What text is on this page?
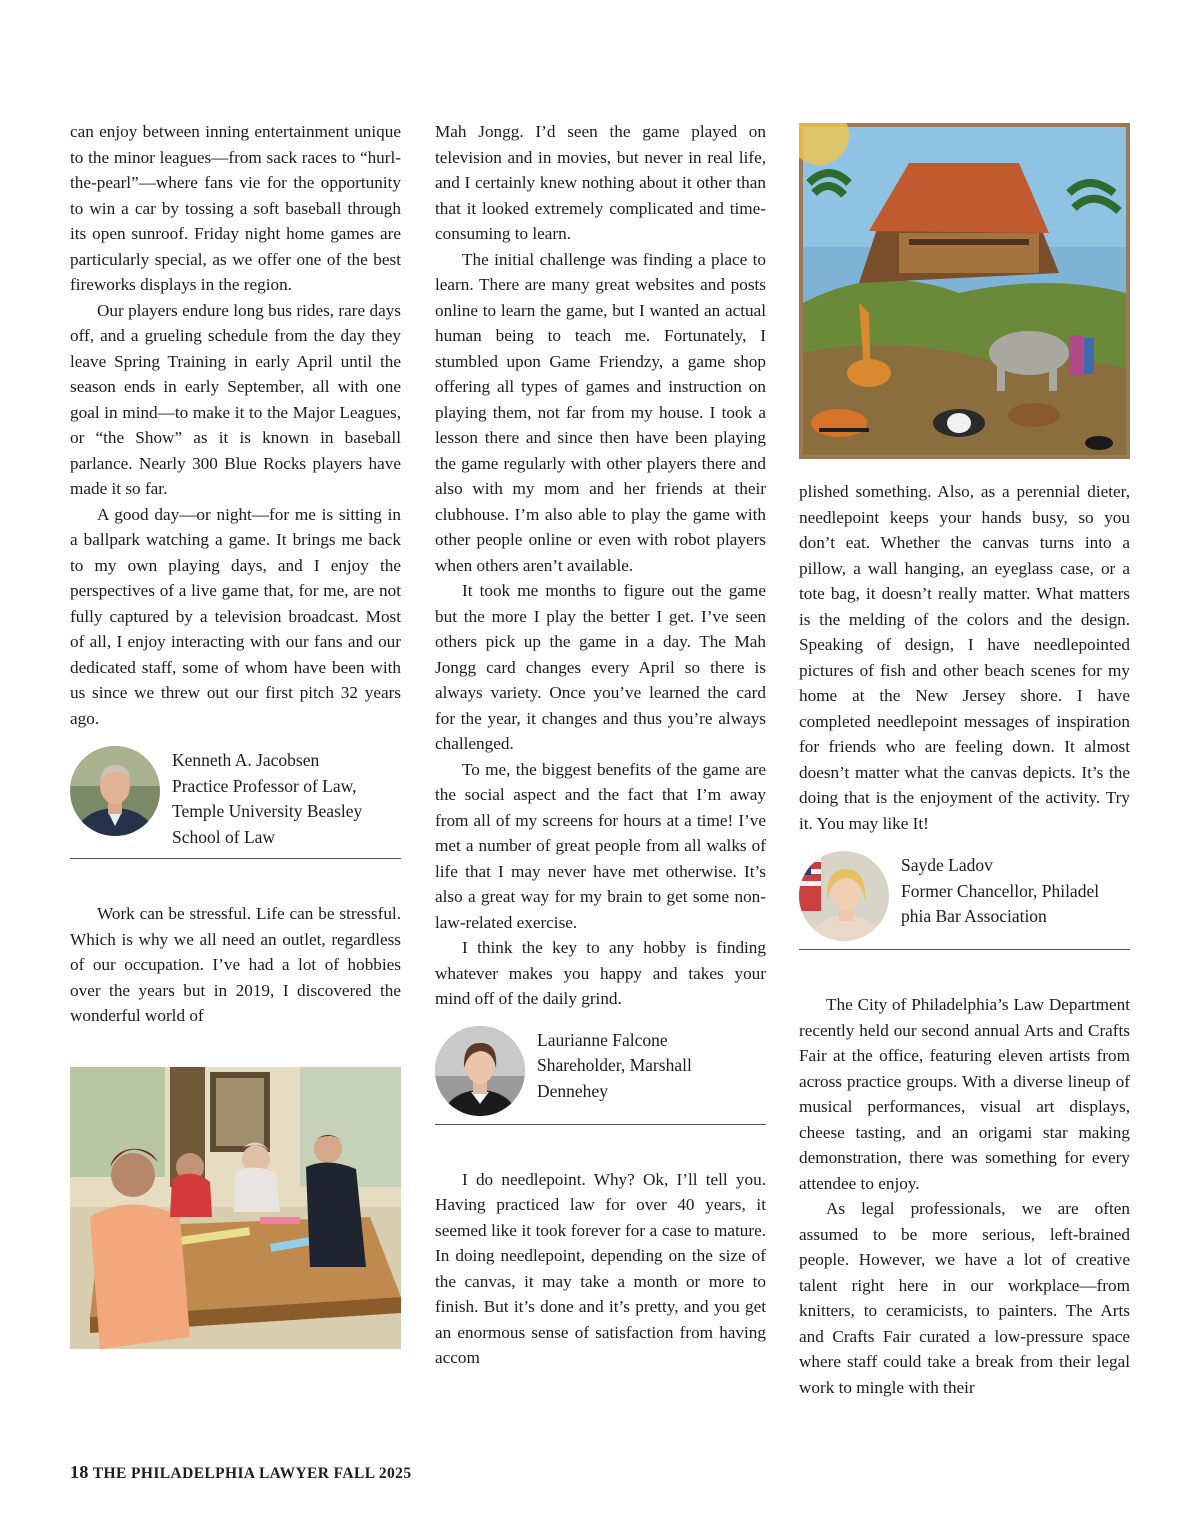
can enjoy between inning entertainment unique to the minor leagues—from sack races to “hurl-the-pearl”—where fans vie for the opportunity to win a car by tossing a soft baseball through its open sunroof. Friday night home games are particularly special, as we offer one of the best fireworks displays in the region.

Our players endure long bus rides, rare days off, and a grueling schedule from the day they leave Spring Training in early April until the season ends in early September, all with one goal in mind—to make it to the Major Leagues, or “the Show” as it is known in baseball parlance. Nearly 300 Blue Rocks players have made it so far.

A good day—or night—for me is sitting in a ballpark watching a game. It brings me back to my own playing days, and I enjoy the perspectives of a live game that, for me, are not fully captured by a television broadcast. Most of all, I enjoy interacting with our fans and our dedicated staff, some of whom have been with us since we threw out our first pitch 32 years ago.

Kenneth A. Jacobsen
Practice Professor of Law,
Temple University Beasley
School of Law

Work can be stressful. Life can be stressful. Which is why we all need an outlet, regardless of our occupation. I’ve had a lot of hobbies over the years but in 2019, I discovered the wonderful world of

Mah Jongg. I’d seen the game played on television and in movies, but never in real life, and I certainly knew nothing about it other than that it looked extremely complicated and time-consuming to learn.

The initial challenge was finding a place to learn. There are many great websites and posts online to learn the game, but I wanted an actual human being to teach me. Fortunately, I stumbled upon Game Friendzy, a game shop offering all types of games and instruction on playing them, not far from my house. I took a lesson there and since then have been playing the game regularly with other players there and also with my mom and her friends at their clubhouse. I’m also able to play the game with other people online or even with robot players when others aren’t available.

It took me months to figure out the game but the more I play the better I get. I’ve seen others pick up the game in a day. The Mah Jongg card changes every April so there is always variety. Once you’ve learned the card for the year, it changes and thus you’re always challenged.

To me, the biggest benefits of the game are the social aspect and the fact that I’m away from all of my screens for hours at a time! I’ve met a number of great people from all walks of life that I may never have met otherwise. It’s also a great way for my brain to get some non-law-related exercise.

I think the key to any hobby is finding whatever makes you happy and takes your mind off of the daily grind.

Laurianne Falcone
Shareholder, Marshall
Dennehey

I do needlepoint. Why? Ok, I’ll tell you. Having practiced law for over 40 years, it seemed like it took forever for a case to mature. In doing needlepoint, depending on the size of the canvas, it may take a month or more to finish. But it’s done and it’s pretty, and you get an enormous sense of satisfaction from having accom

plished something. Also, as a perennial dieter, needlepoint keeps your hands busy, so you don’t eat. Whether the canvas turns into a pillow, a wall hanging, an eyeglass case, or a tote bag, it doesn’t really matter. What matters is the melding of the colors and the design. Speaking of design, I have needlepointed pictures of fish and other beach scenes for my home at the New Jersey shore. I have completed needlepoint messages of inspiration for friends who are feeling down. It almost doesn’t matter what the canvas depicts. It’s the doing that is the enjoyment of the activity. Try it. You may like It!

Sayde Ladov
Former Chancellor, Philadel
phia Bar Association

The City of Philadelphia’s Law Department recently held our second annual Arts and Crafts Fair at the office, featuring eleven artists from across practice groups. With a diverse lineup of musical performances, visual art displays, cheese tasting, and an origami star making demonstration, there was something for every attendee to enjoy.

As legal professionals, we are often assumed to be more serious, left-brained people. However, we have a lot of creative talent right here in our workplace—from knitters, to ceramicists, to painters. The Arts and Crafts Fair curated a low-pressure space where staff could take a break from their legal work to mingle with their

18 THE PHILADELPHIA LAWYER FALL 2025
